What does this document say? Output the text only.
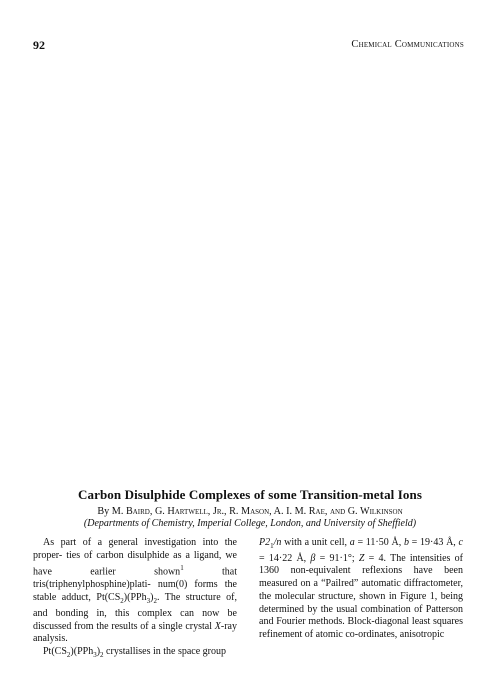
92	Chemical Communications
Carbon Disulphide Complexes of some Transition-metal Ions
By M. Baird, G. Hartwell, Jr., R. Mason, A. I. M. Rae, and G. Wilkinson
(Departments of Chemistry, Imperial College, London, and University of Sheffield)

As part of a general investigation into the proper- ties of carbon disulphide as a ligand, we have	earlier shown$^1$ that tris(triphenylphosphine)plati- num(0) forms the stable adduct, $Pt(CS_2)(PPh_3)_2$. The structure of, and bonding in, this complex can now be discussed from the results of a single crystal X-ray analysis.

$Pt(CS_2)(PPh_3)_2$ crystallises in the space group

$P2_1/n$ with a unit cell, a = 11·50 Å, b = 19·43 Å, c = 14·22 Å, β = 91·1°; Z = 4. The intensities of 1360 non-equivalent reflexions have been measured on a “Pailred” automatic diffractometer, the molecular structure, shown in Figure 1, being determined by the usual combination of Patterson and Fourier methods. Block-diagonal least squares refinement of atomic co-ordinates, anisotropic
